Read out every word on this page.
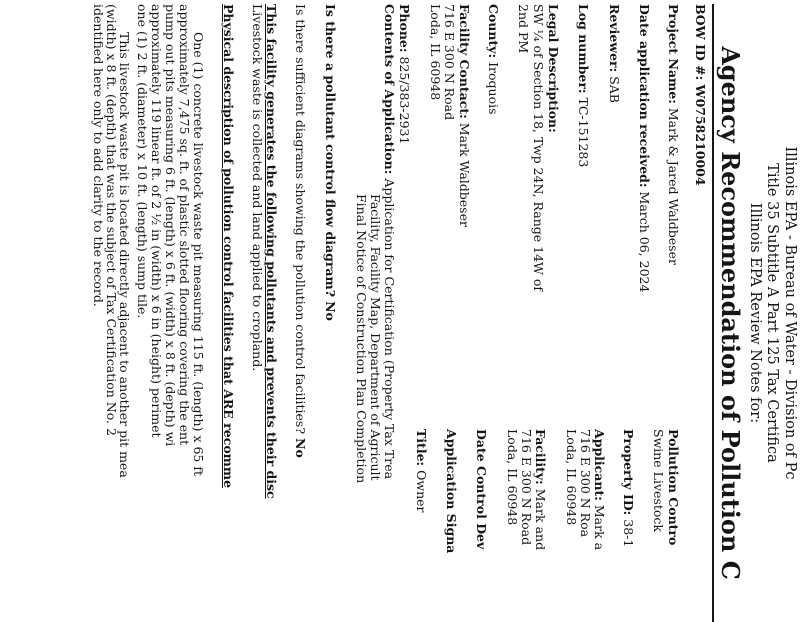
Illinois EPA - Bureau of Water - Division of Pc
Title 35 Subtitle A Part 125 Tax Certifica
Illinois EPA Review Notes for:
Agency Recommendation of Pollution C
BOW ID #: W0758210004
Project Name: Mark & Jared Waldbeser
Date application received: March 06, 2024
Reviewer: SAB
Log number: TC-151283
Legal Description:
SW ¼ of Section 18, Twp 24N, Range 14W of
2nd PM
County: Iroquois
Facility Contact: Mark Waldbeser
716 E 300 N Road
Loda, IL 60948
Phone: 825/383-2931
Contents of Application: Application for Certification (Property Tax Trea
Facility, Facility Map, Department of Agricult
Final Notice of Construction Plan Completion
Pollution Contro
Swine Livestock
Property ID: 38-1
Applicant: Mark a
716 E 300 N Roa
Loda, IL 60948
Facility: Mark and
716 E 300 N Road
Loda, IL 60948
Date Control Dev
Application Signa
Title: Owner
Is there a pollutant control flow diagram? No
Is there sufficient diagrams showing the pollution control facilities? No
This facility generates the following pollutants and prevents their disc
Livestock waste is collected and land applied to cropland.
Physical description of pollution control facilities that ARE recomme
One (1) concrete livestock waste pit measuring 115 ft. (length) x 65 ft
approximately 7,475 sq. ft. of plastic slotted flooring covering the ent
pump out pits measuring 6 ft. (length) x 6 ft. (width) x 8 ft. (depth) wi
approximately 119 linear ft. of 2 ½ in (width) x 6 in (height) perimet
one (1) 2 ft. (diameter) x 10 ft. (length) sump tile.
This livestock waste pit is located directly adjacent to another pit mea
(width) x 8 ft. (depth) that was the subject of Tax Certification No. 2
identified here only to add clarity to the record.
